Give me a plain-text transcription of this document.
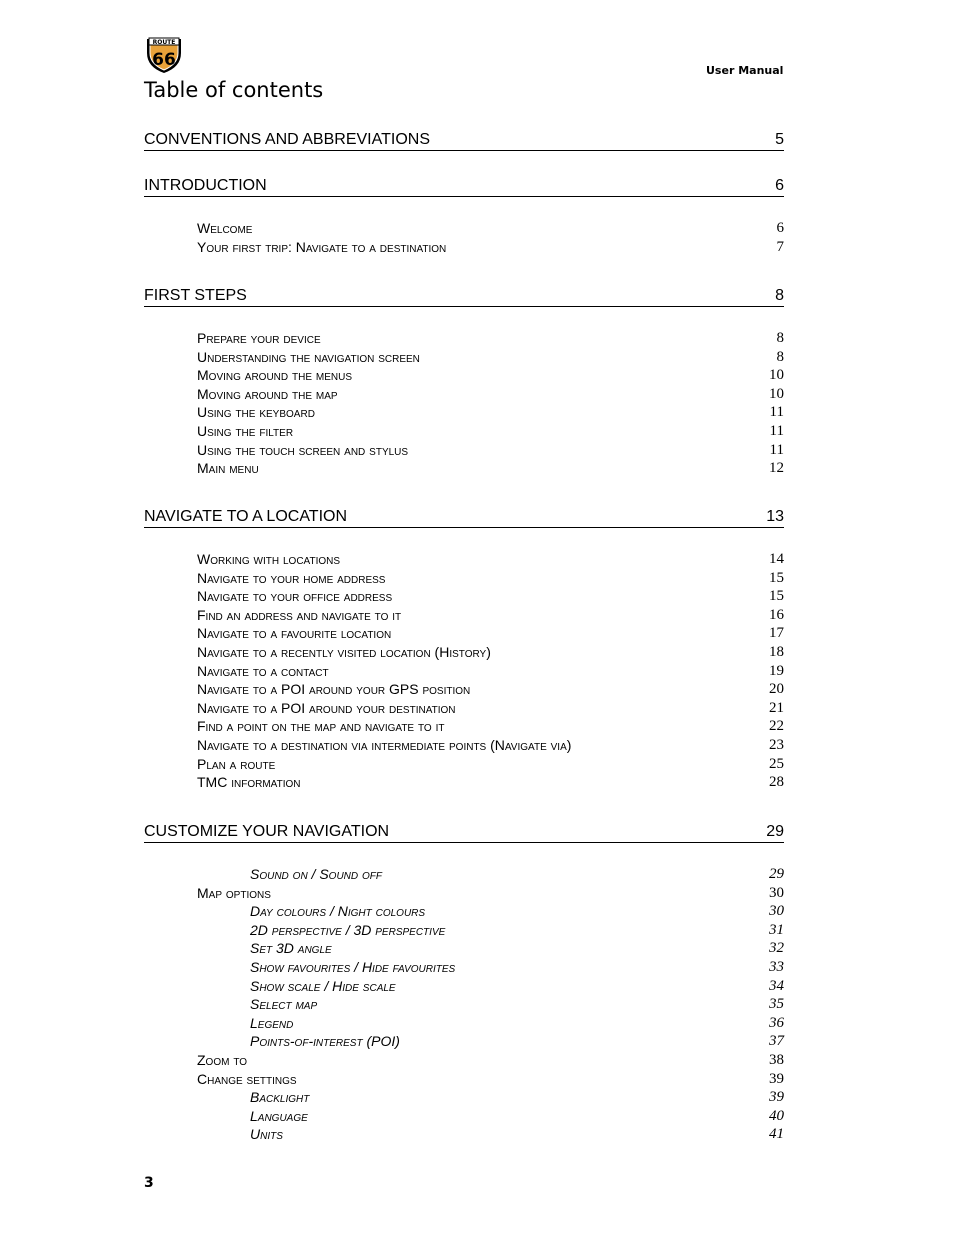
ROUTE
66
User Manual
Table of contents
CONVENTIONS AND ABBREVIATIONS	5
INTRODUCTION	6
Welcome	6
Your first trip: Navigate to a destination	7
FIRST STEPS	8
Prepare your device	8
Understanding the navigation screen	8
Moving around the menus	10
Moving around the map	10
Using the keyboard	11
Using the filter	11
Using the touch screen and stylus	11
Main menu	12
NAVIGATE TO A LOCATION	13
Working with locations	14
Navigate to your home address	15
Navigate to your office address	15
Find an address and navigate to it	16
Navigate to a favourite location	17
Navigate to a recently visited location (History)	18
Navigate to a contact	19
Navigate to a POI around your GPS position	20
Navigate to a POI around your destination	21
Find a point on the map and navigate to it	22
Navigate to a destination via intermediate points (Navigate via)	23
Plan a route	25
TMC information	28
CUSTOMIZE YOUR NAVIGATION	29
Sound on / Sound off	29
Map options	30
Day colours / Night colours	30
2D perspective / 3D perspective	31
Set 3D angle	32
Show favourites / Hide favourites	33
Show scale / Hide scale	34
Select map	35
Legend	36
Points-of-interest (POI)	37
Zoom to	38
Change settings	39
Backlight	39
Language	40
Units	41
3
